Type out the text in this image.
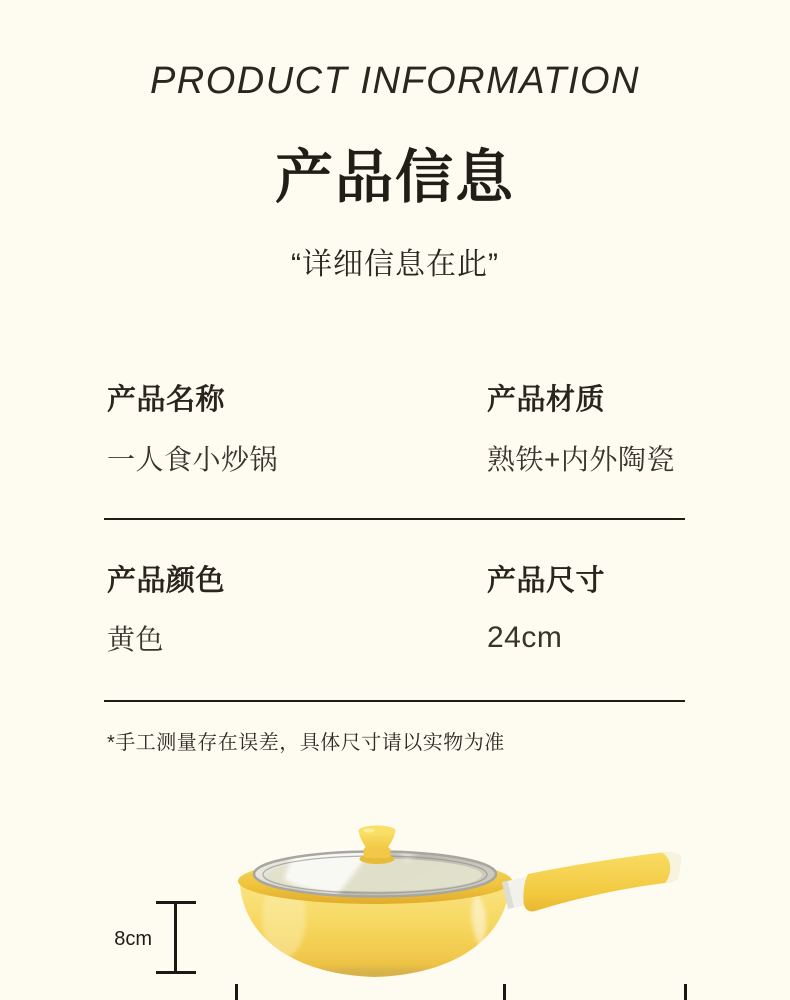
PRODUCT INFORMATION
产品信息
“详细信息在此”
产品名称
一人食小炒锅
产品材质
熟铁+内外陶瓷
产品颜色
黄色
产品尺寸
24cm
*手工测量存在误差，具体尺寸请以实物为准
8cm
